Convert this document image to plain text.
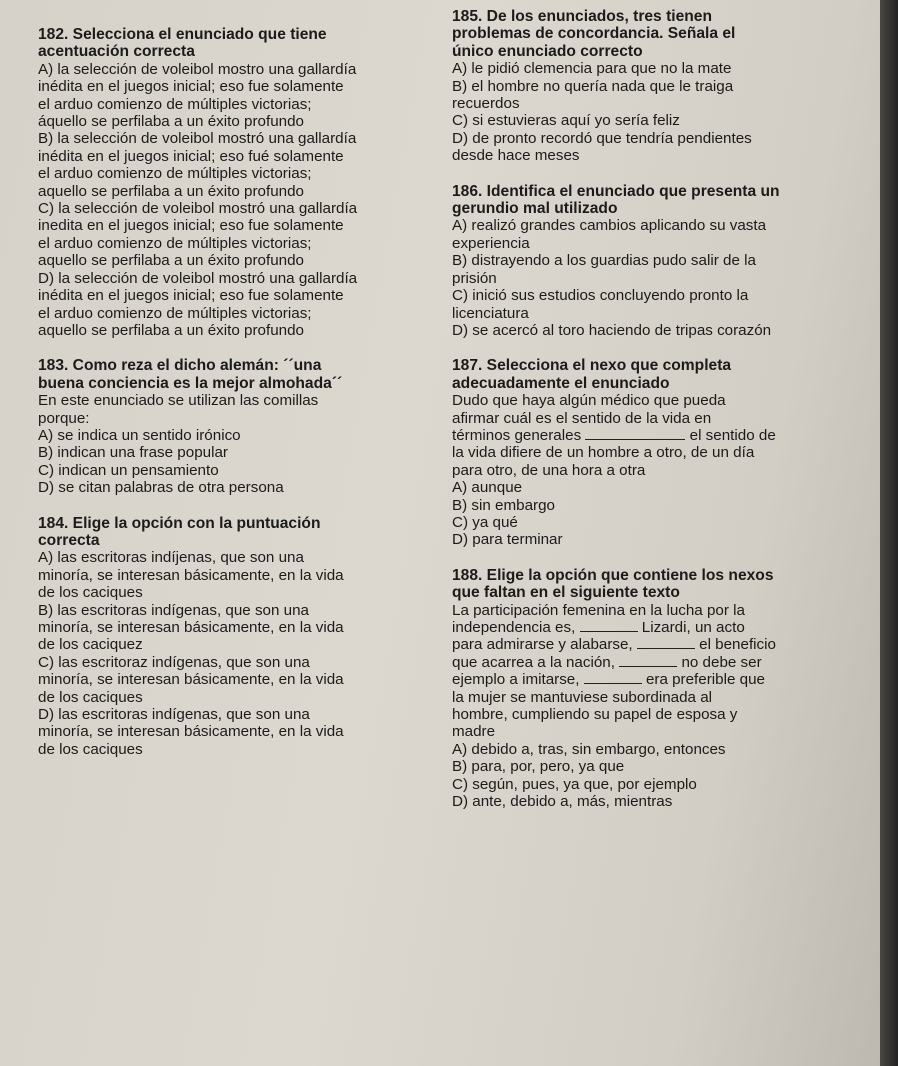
182. Selecciona el enunciado que tiene
acentuación correcta
A) la selección de voleibol mostro una gallardía
inédita en el juegos inicial; eso fue solamente
el arduo comienzo de múltiples victorias;
áquello se perfilaba a un éxito profundo
B) la selección de voleibol mostró una gallardía
inédita en el juegos inicial; eso fué solamente
el arduo comienzo de múltiples victorias;
aquello se perfilaba a un éxito profundo
C) la selección de voleibol mostró una gallardía
inedita en el juegos inicial; eso fue solamente
el arduo comienzo de múltiples victorias;
aquello se perfilaba a un éxito profundo
D) la selección de voleibol mostró una gallardía
inédita en el juegos inicial; eso fue solamente
el arduo comienzo de múltiples victorias;
aquello se perfilaba a un éxito profundo
183. Como reza el dicho alemán: ´´una
buena conciencia es la mejor almohada´´
En este enunciado se utilizan las comillas
porque:
A) se indica un sentido irónico
B) indican una frase popular
C) indican un pensamiento
D) se citan palabras de otra persona
184. Elige la opción con la puntuación
correcta
A) las escritoras indíjenas, que son una
minoría, se interesan básicamente, en la vida
de los caciques
B) las escritoras indígenas, que son una
minoría, se interesan básicamente, en la vida
de los caciquez
C) las escritoraz indígenas, que son una
minoría, se interesan básicamente, en la vida
de los caciques
D) las escritoras indígenas, que son una
minoría, se interesan básicamente, en la vida
de los caciques
185. De los enunciados, tres tienen
problemas de concordancia. Señala el
único enunciado correcto
A) le pidió clemencia para que no la mate
B) el hombre no quería nada que le traiga
recuerdos
C) si estuvieras aquí yo sería feliz
D) de pronto recordó que tendría pendientes
desde hace meses
186. Identifica el enunciado que presenta un
gerundio mal utilizado
A) realizó grandes cambios aplicando su vasta
experiencia
B) distrayendo a los guardias pudo salir de la
prisión
C) inició sus estudios concluyendo pronto la
licenciatura
D) se acercó al toro haciendo de tripas corazón
187. Selecciona el nexo que completa
adecuadamente el enunciado
Dudo que haya algún médico que pueda
afirmar cuál es el sentido de la vida en
términos generales	el sentido de
la vida difiere de un hombre a otro, de un día
para otro, de una hora a otra
A) aunque
B) sin embargo
C) ya qué
D) para terminar
188. Elige la opción que contiene los nexos
que faltan en el siguiente texto
La participación femenina en la lucha por la
independencia es,	Lizardi, un acto
para admirarse y alabarse,	el beneficio
que acarrea a la nación,	no debe ser
ejemplo a imitarse,	era preferible que
la mujer se mantuviese subordinada al
hombre, cumpliendo su papel de esposa y
madre
A) debido a, tras, sin embargo, entonces
B) para, por, pero, ya que
C) según, pues, ya que, por ejemplo
D) ante, debido a, más, mientras
